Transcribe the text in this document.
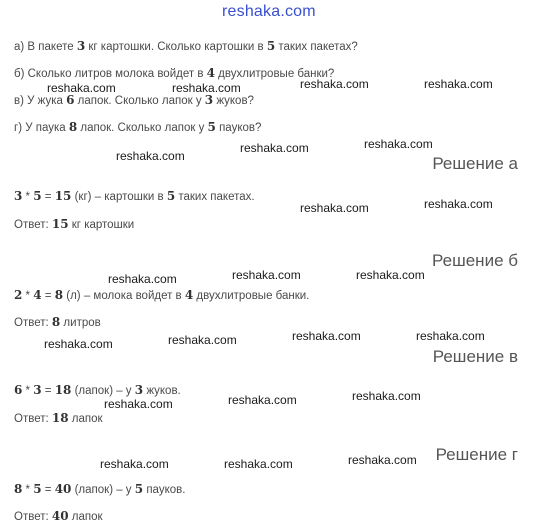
reshaka.com
а) В пакете 3 кг картошки. Сколько картошки в 5 таких пакетах?
б) Сколько литров молока войдет в 4 двухлитровые банки?
в) У жука 6 лапок. Сколько лапок у 3 жуков?
г) У паука 8 лапок. Сколько лапок у 5 пауков?
Решение а
3 * 5 = 15 (кг) – картошки в 5 таких пакетах.
Ответ: 15 кг картошки
Решение б
2 * 4 = 8 (л) – молока войдет в 4 двухлитровые банки.
Ответ: 8 литров
Решение в
6 * 3 = 18 (лапок) – у 3 жуков.
Ответ: 18 лапок
Решение г
8 * 5 = 40 (лапок) – у 5 пауков.
Ответ: 40 лапок
reshaka.com	reshaka.com	reshaka.com	reshaka.com
reshaka.com
reshaka.com	reshaka.com
reshaka.com	reshaka.com
reshaka.com	reshaka.com	reshaka.com
reshaka.com	reshaka.com	reshaka.com	reshaka.com
reshaka.com	reshaka.com	reshaka.com
reshaka.com	reshaka.com	reshaka.com
